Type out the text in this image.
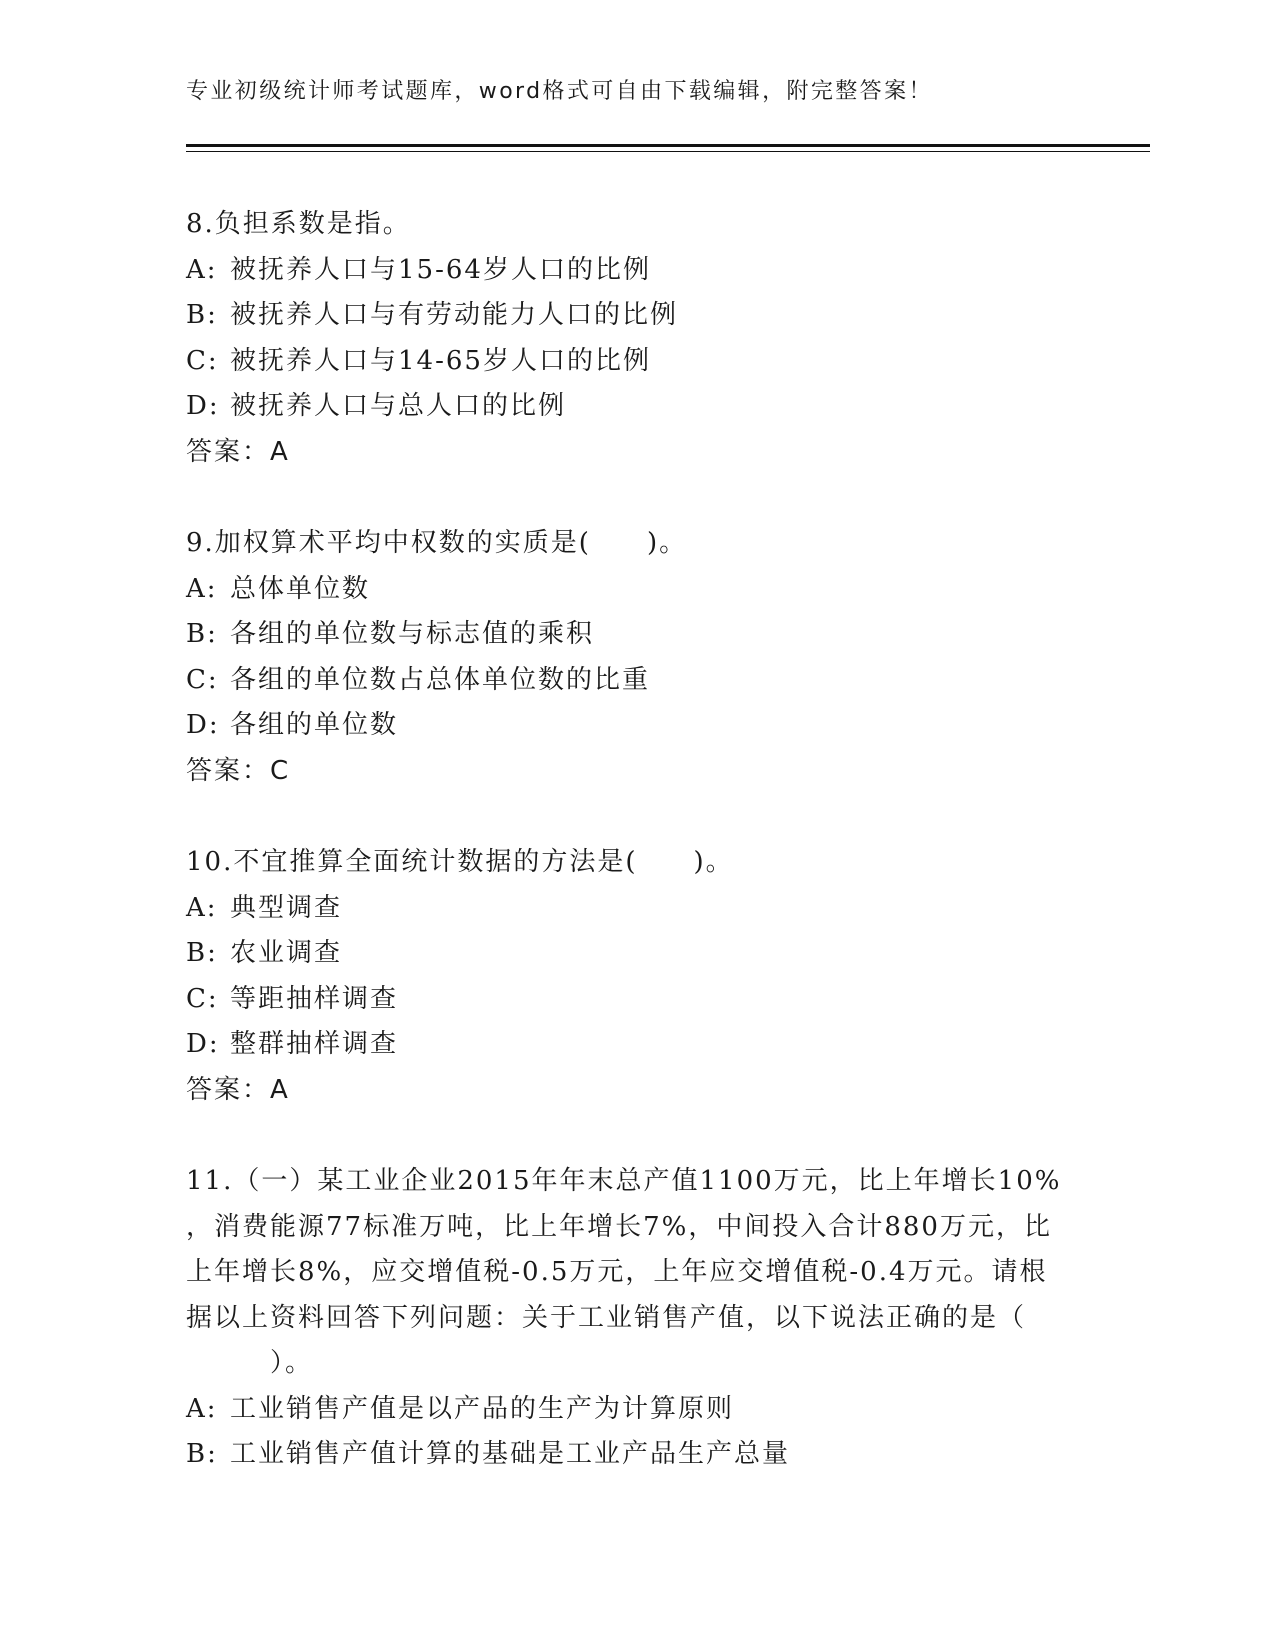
专业初级统计师考试题库，word格式可自由下载编辑，附完整答案！
8.负担系数是指。
A: 被抚养人口与15-64岁人口的比例
B: 被抚养人口与有劳动能力人口的比例
C: 被抚养人口与14-65岁人口的比例
D: 被抚养人口与总人口的比例
答案：A
9.加权算术平均中权数的实质是(　　)。
A: 总体单位数
B: 各组的单位数与标志值的乘积
C: 各组的单位数占总体单位数的比重
D: 各组的单位数
答案：C
10.不宜推算全面统计数据的方法是(　　)。
A: 典型调查
B: 农业调查
C: 等距抽样调查
D: 整群抽样调查
答案：A
11.（一）某工业企业2015年年末总产值1100万元，比上年增长10%
，消费能源77标准万吨，比上年增长7%，中间投入合计880万元，比
上年增长8%，应交增值税-0.5万元，上年应交增值税-0.4万元。请根
据以上资料回答下列问题：关于工业销售产值，以下说法正确的是（
　　　）。
A: 工业销售产值是以产品的生产为计算原则
B: 工业销售产值计算的基础是工业产品生产总量
